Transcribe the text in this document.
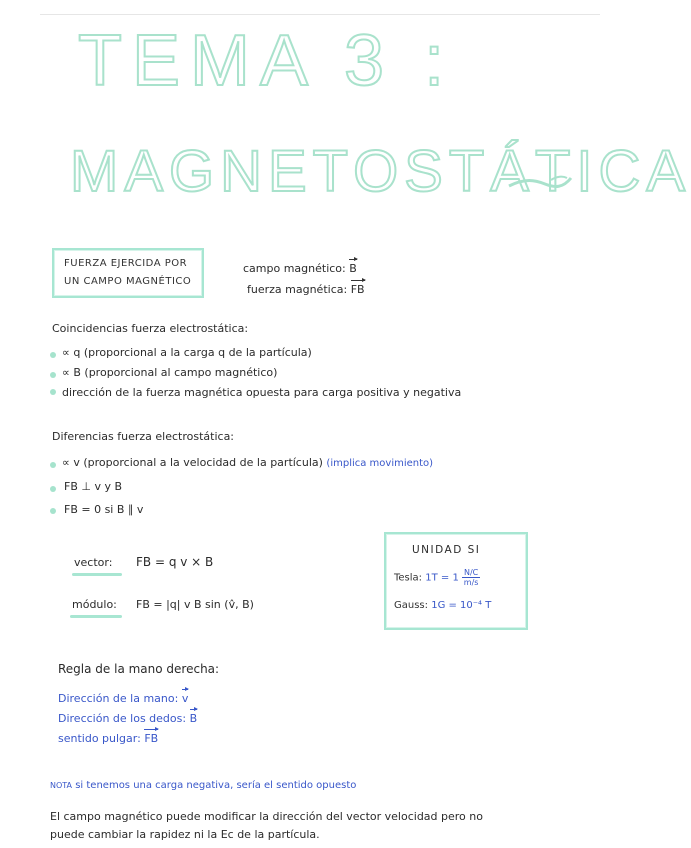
TEMA 3 :
MAGNETOSTÁTICA
FUERZA EJERCIDA POR
UN CAMPO MAGNÉTICO
campo magnético: B
fuerza magnética: FB
Coincidencias fuerza electrostática:
∝ q (proporcional a la carga q de la partícula)
∝ B (proporcional al campo magnético)
dirección de la fuerza magnética opuesta para carga positiva y negativa
Diferencias fuerza electrostática:
∝ v (proporcional a la velocidad de la partícula) (implica movimiento)
FB ⊥ v y B
FB = 0 si B ∥ v
vector: FB = q v × B
módulo: FB = |q| v B sin (v̂, B)
UNIDAD SI
Tesla: $1T = 1 \frac{N/C}{m/s}$
Gauss: 1G = 10⁻⁴ T
Regla de la mano derecha:
Dirección de la mano: v
Dirección de los dedos: B
sentido pulgar: FB
NOTA si tenemos una carga negativa, sería el sentido opuesto
El campo magnético puede modificar la dirección del vector velocidad pero no
puede cambiar la rapidez ni la Ec de la partícula.
